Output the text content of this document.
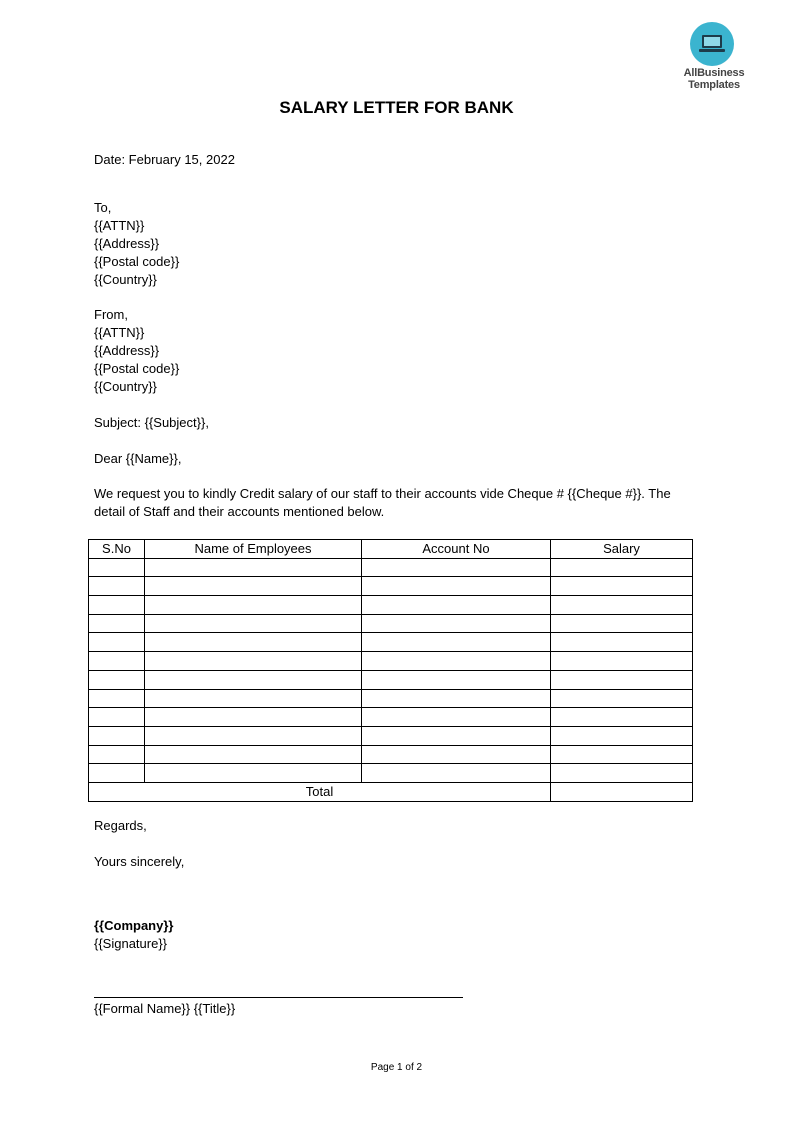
AllBusiness
Templates
SALARY LETTER FOR BANK
Date: February 15, 2022
To,
{{ATTN}}
{{Address}}
{{Postal code}}
{{Country}}
From,
{{ATTN}}
{{Address}}
{{Postal code}}
{{Country}}
Subject: {{Subject}},
Dear {{Name}},
We request you to kindly Credit salary of our staff to their accounts vide Cheque # {{Cheque #}}. The
detail of Staff and their accounts mentioned below.
S.No	Name of Employees	Account No	Salary

Total			
Regards,
Yours sincerely,
{{Company}}
{{Signature}}
{{Formal Name}} {{Title}}
Page 1 of 2
